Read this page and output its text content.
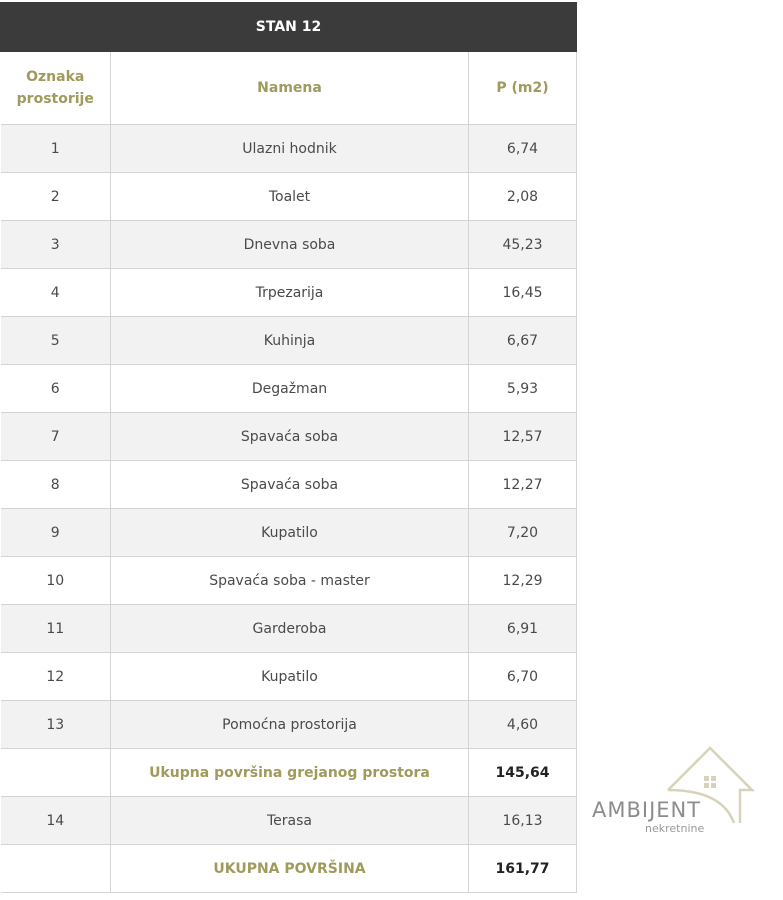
STAN 12		
Oznaka prostorije	Namena	P (m2)
1	Ulazni hodnik	6,74
2	Toalet	2,08
3	Dnevna soba	45,23
4	Trpezarija	16,45
5	Kuhinja	6,67
6	Degažman	5,93
7	Spavaća soba	12,57
8	Spavaća soba	12,27
9	Kupatilo	7,20
10	Spavaća soba - master	12,29
11	Garderoba	6,91
12	Kupatilo	6,70
13	Pomoćna prostorija	4,60
	Ukupna površina grejanog prostora	145,64
14	Terasa	16,13
	UKUPNA POVRŠINA	161,77
AMBIJENT
nekretnine
